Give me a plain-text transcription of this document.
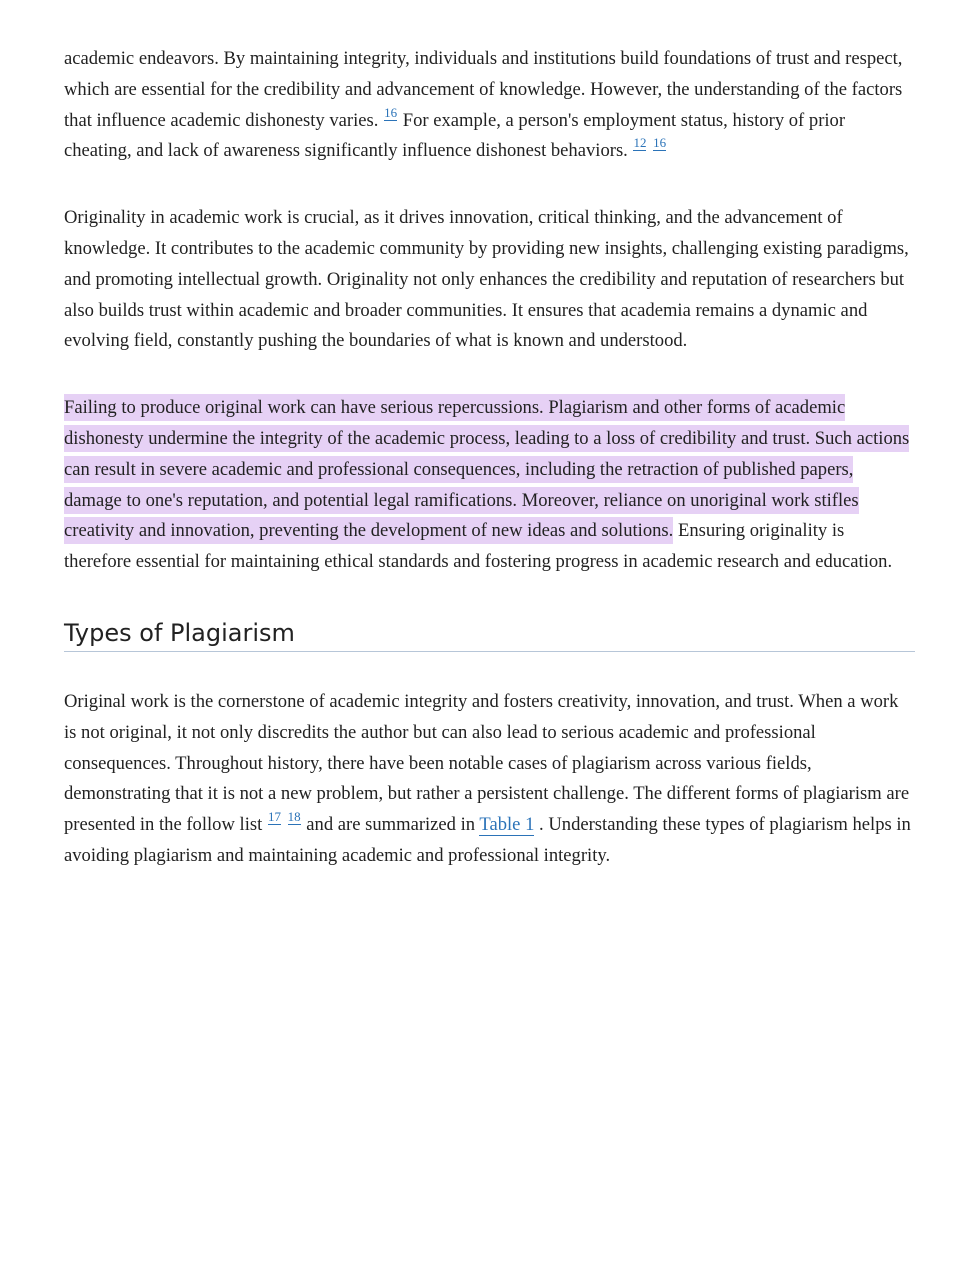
academic endeavors. By maintaining integrity, individuals and institutions build foundations of trust and respect, which are essential for the credibility and advancement of knowledge. However, the understanding of the factors that influence academic dishonesty varies. $^{16}$ For example, a person's employment status, history of prior cheating, and lack of awareness significantly influence dishonest behaviors. $^{12}$ $^{16}$

Originality in academic work is crucial, as it drives innovation, critical thinking, and the advancement of knowledge. It contributes to the academic community by providing new insights, challenging existing paradigms, and promoting intellectual growth. Originality not only enhances the credibility and reputation of researchers but also builds trust within academic and broader communities. It ensures that academia remains a dynamic and evolving field, constantly pushing the boundaries of what is known and understood.

Failing to produce original work can have serious repercussions. Plagiarism and other forms of academic dishonesty undermine the integrity of the academic process, leading to a loss of credibility and trust. Such actions can result in severe academic and professional consequences, including the retraction of published papers, damage to one's reputation, and potential legal ramifications. Moreover, reliance on unoriginal work stifles creativity and innovation, preventing the development of new ideas and solutions. Ensuring originality is therefore essential for maintaining ethical standards and fostering progress in academic research and education.

Types of Plagiarism

Original work is the cornerstone of academic integrity and fosters creativity, innovation, and trust. When a work is not original, it not only discredits the author but can also lead to serious academic and professional consequences. Throughout history, there have been notable cases of plagiarism across various fields, demonstrating that it is not a new problem, but rather a persistent challenge. The different forms of plagiarism are presented in the follow list $^{17}$ $^{18}$ and are summarized in Table 1 . Understanding these types of plagiarism helps in avoiding plagiarism and maintaining academic and professional integrity.
